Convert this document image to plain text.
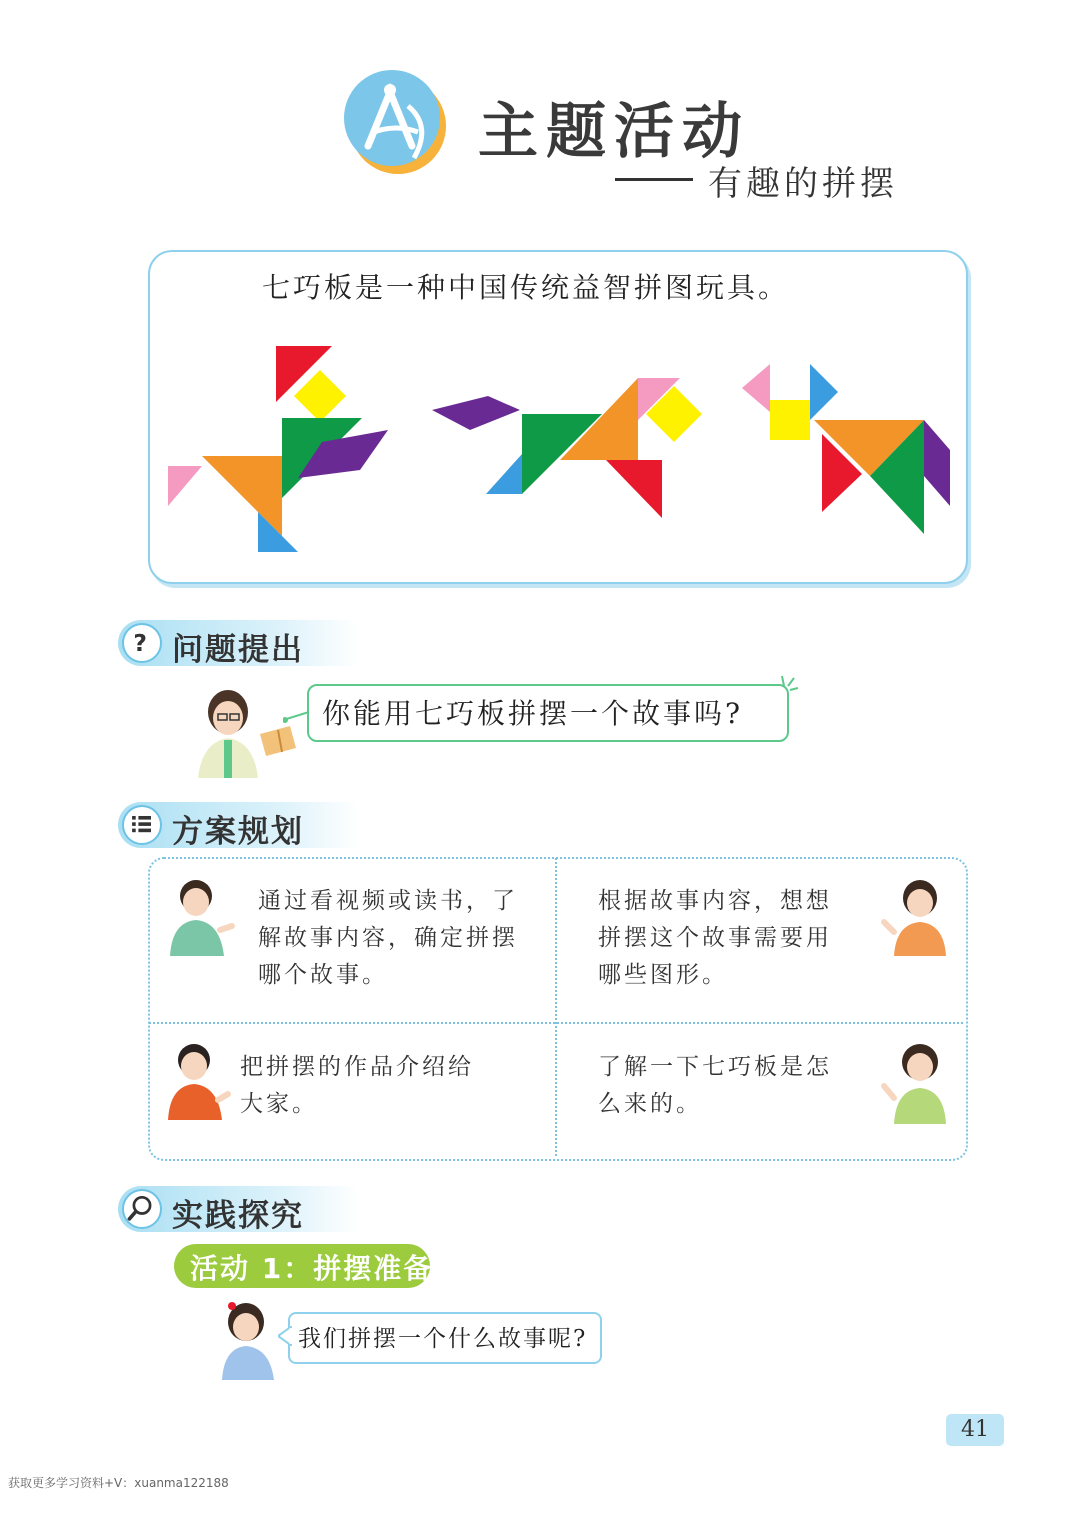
主题活动
有趣的拼摆
七巧板是一种中国传统益智拼图玩具。
? 问题提出
你能用七巧板拼摆一个故事吗?
方案规划
通过看视频或读书，了
解故事内容，确定拼摆
哪个故事。
根据故事内容，想想
拼摆这个故事需要用
哪些图形。
把拼摆的作品介绍给
大家。
了解一下七巧板是怎
么来的。
实践探究
活动 1：拼摆准备
我们拼摆一个什么故事呢?
41
获取更多学习资料+V：xuanma122188
